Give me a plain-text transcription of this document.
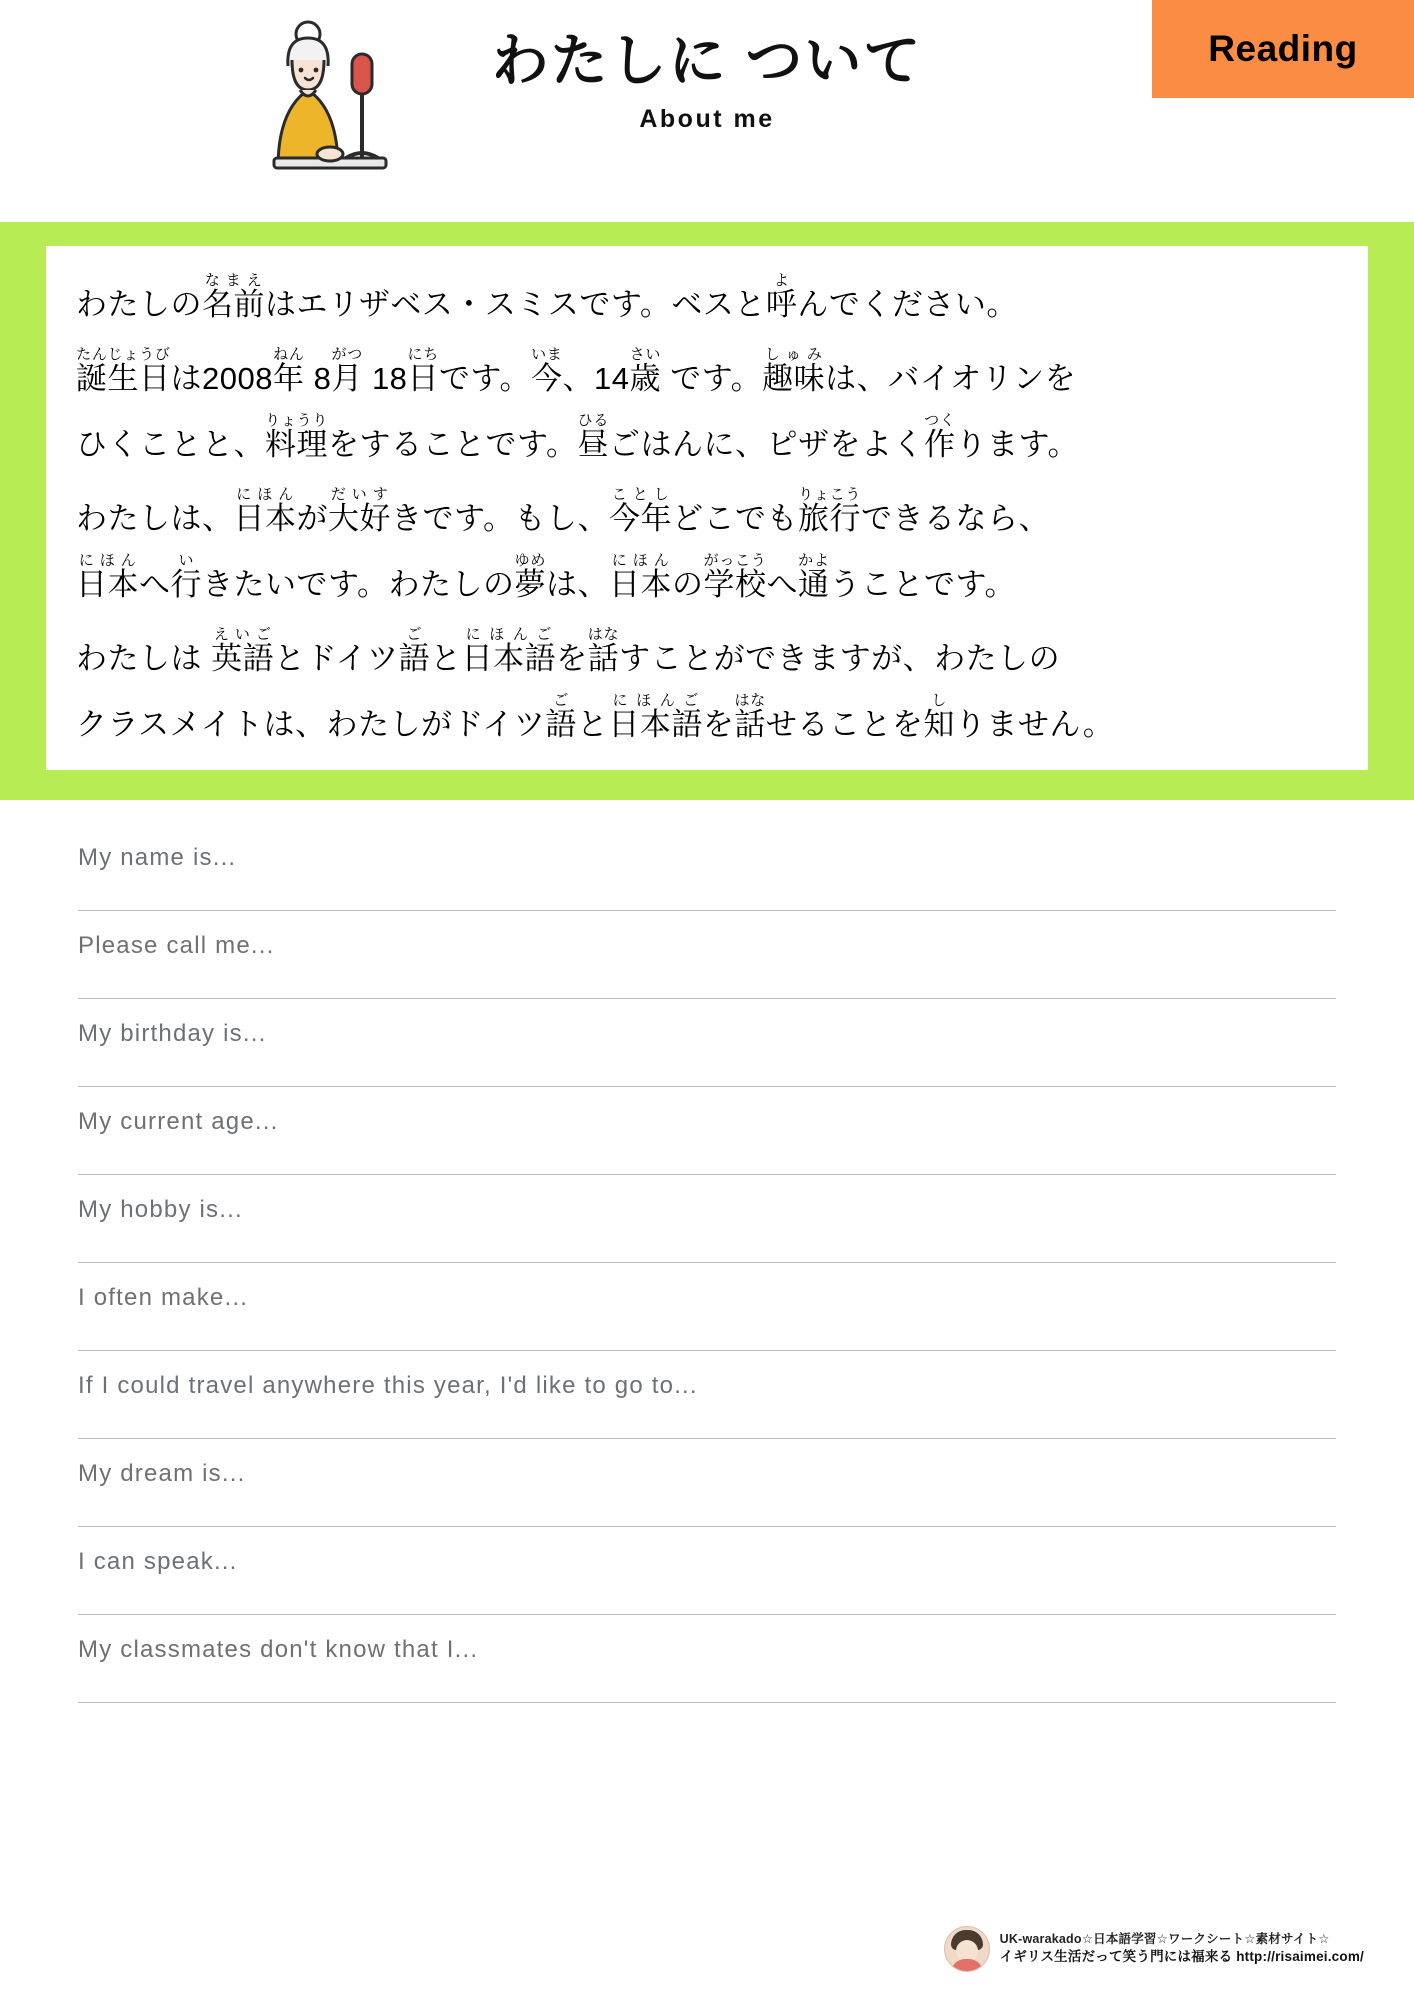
わたしに ついて
About me
Reading
わたしの名前なまえはエリザベス・スミスです。ベスと呼よんでください。
誕生日たんじょうびは2008年ねん 8月がつ 18日にちです。今いま、14歳さい です。趣味しゅみは、バイオリンを
ひくことと、料理りょうりをすることです。昼ひるごはんに、ピザをよく作つくります。
わたしは、日本にほんが大好だいすきです。もし、今年ことしどこでも旅行りょこうできるなら、
日本にほんへ行いきたいです。わたしの夢ゆめは、日本にほんの学校がっこうへ通かようことです。
わたしは 英語えいごとドイツ語ごと日本語にほんごを話はなすことができますが、わたしの
クラスメイトは、わたしがドイツ語ごと日本語にほんごを話はなせることを知しりません。
My name is...
Please call me...
My birthday is...
My current age...
My hobby is...
I often make...
If I could travel anywhere this year, I'd like to go to...
My dream is...
I can speak...
My classmates don't know that I...
UK-warakado☆日本語学習☆ワークシート☆素材サイト☆
イギリス生活だって笑う門には福来る http://risaimei.com/
